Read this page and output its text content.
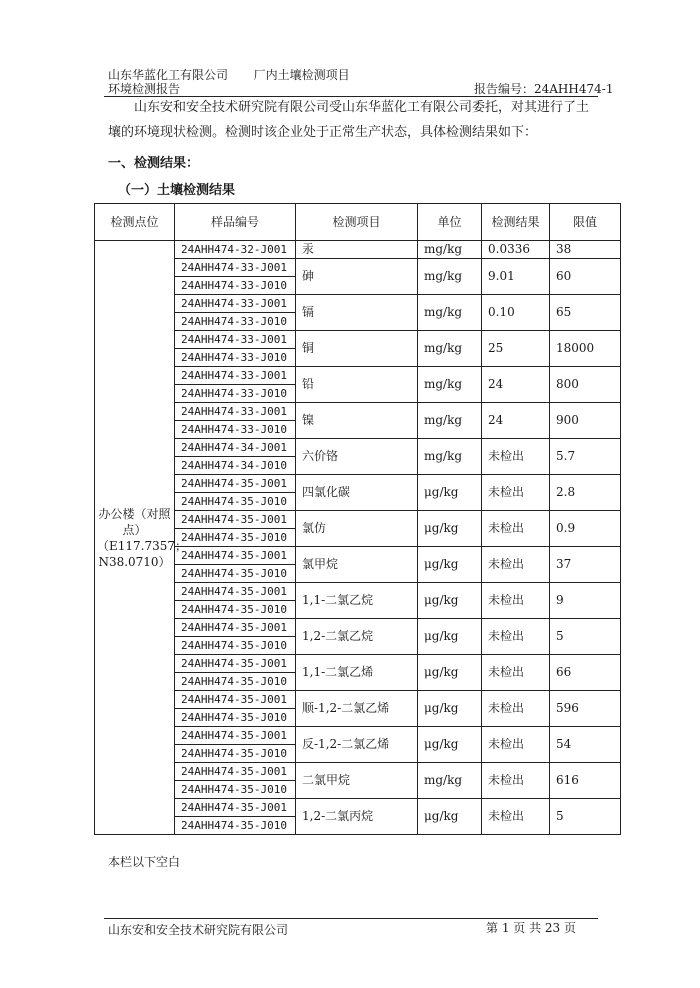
山东华蓝化工有限公司 厂内土壤检测项目
环境检测报告	报告编号：24AHH474-1

山东安和安全技术研究院有限公司受山东华蓝化工有限公司委托，对其进行了土

壤的环境现状检测。检测时该企业处于正常生产状态，具体检测结果如下：

一、检测结果：
（一）土壤检测结果
检测点位	样品编号	检测项目	单位	检测结果	限值
办公楼（对照点）（E117.7357；N38.0710）	24AHH474-32-J001	汞	mg/kg	0.0336	38
	24AHH474-33-J001	砷	mg/kg	9.01	60
	24AHH474-33-J010				
	24AHH474-33-J001	镉	mg/kg	0.10	65
	24AHH474-33-J010				
	24AHH474-33-J001	铜	mg/kg	25	18000
	24AHH474-33-J010				
	24AHH474-33-J001	铅	mg/kg	24	800
	24AHH474-33-J010				
	24AHH474-33-J001	镍	mg/kg	24	900
	24AHH474-33-J010				
	24AHH474-34-J001	六价铬	mg/kg	未检出	5.7
	24AHH474-34-J010				
	24AHH474-35-J001	四氯化碳	μg/kg	未检出	2.8
	24AHH474-35-J010				
	24AHH474-35-J001	氯仿	μg/kg	未检出	0.9
	24AHH474-35-J010				
	24AHH474-35-J001	氯甲烷	μg/kg	未检出	37
	24AHH474-35-J010				
	24AHH474-35-J001	1,1-二氯乙烷	μg/kg	未检出	9
	24AHH474-35-J010				
	24AHH474-35-J001	1,2-二氯乙烷	μg/kg	未检出	5
	24AHH474-35-J010				
	24AHH474-35-J001	1,1-二氯乙烯	μg/kg	未检出	66
	24AHH474-35-J010				
	24AHH474-35-J001	顺-1,2-二氯乙烯	μg/kg	未检出	596
	24AHH474-35-J010				
	24AHH474-35-J001	反-1,2-二氯乙烯	μg/kg	未检出	54
	24AHH474-35-J010				
	24AHH474-35-J001	二氯甲烷	mg/kg	未检出	616
	24AHH474-35-J010				
	24AHH474-35-J001	1,2-二氯丙烷	μg/kg	未检出	5
	24AHH474-35-J010				
本栏以下空白
山东安和安全技术研究院有限公司	第 1 页 共 23 页
